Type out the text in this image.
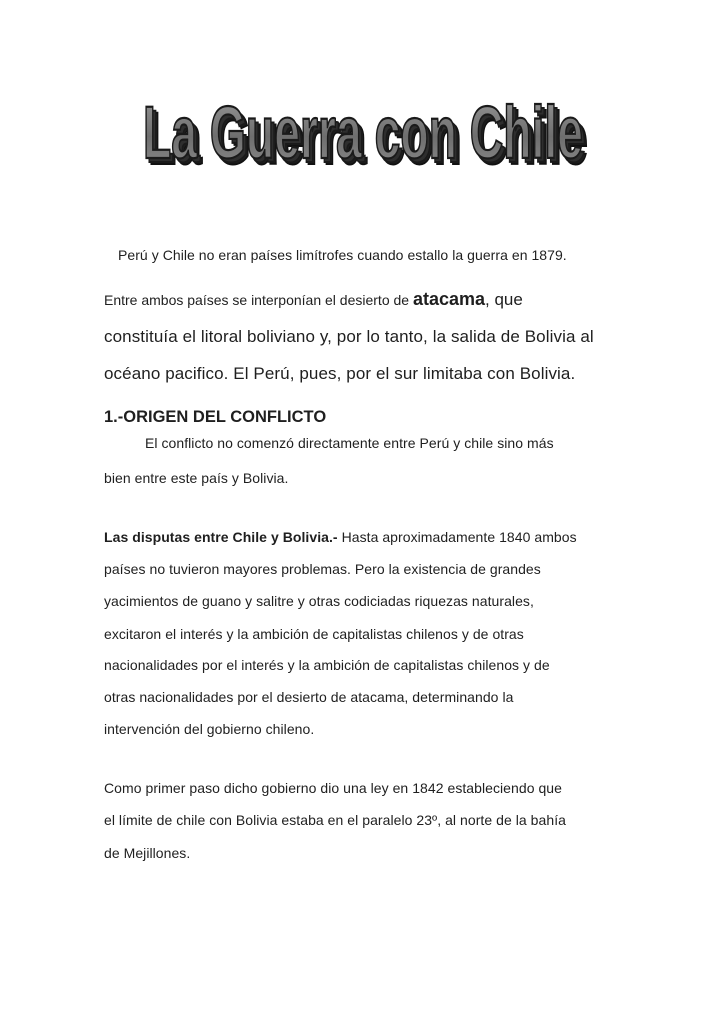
La Guerra con Chile
La Guerra con Chile
La Guerra con Chile
Perú y Chile no eran países limítrofes cuando estallo la guerra en 1879.
Entre ambos países se interponían el desierto de atacama, que
constituía el litoral boliviano y, por lo tanto, la salida de Bolivia al
océano pacifico. El Perú, pues, por el sur limitaba con Bolivia.
1.-ORIGEN DEL CONFLICTO
El conflicto no comenzó directamente entre Perú y chile sino más
bien entre este país y Bolivia.
Las disputas entre Chile y Bolivia.- Hasta aproximadamente 1840 ambos
países no tuvieron mayores problemas. Pero la existencia de grandes
yacimientos de guano y salitre y otras codiciadas riquezas naturales,
excitaron el interés y la ambición de capitalistas chilenos y de otras
nacionalidades por el interés y la ambición de capitalistas chilenos y de
otras nacionalidades por el desierto de atacama, determinando la
intervención del gobierno chileno.
Como primer paso dicho gobierno dio una ley en 1842 estableciendo que
el límite de chile con Bolivia estaba en el paralelo 23º, al norte de la bahía
de Mejillones.
